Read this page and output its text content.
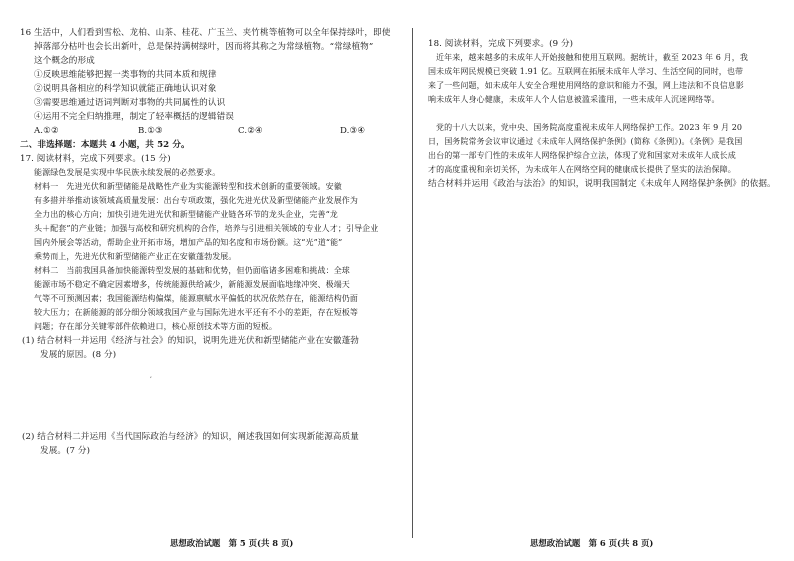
16 生活中，人们看到雪松、龙柏、山茶、桂花、广玉兰、夹竹桃等植物可以全年保持绿叶，即使
掉落部分枯叶也会长出新叶，总是保持满树绿叶，因而将其称之为常绿植物。“常绿植物”
这个概念的形成
①反映思维能够把握一类事物的共同本质和规律
②说明具备相应的科学知识就能正确地认识对象
③需要思维通过语词判断对事物的共同属性的认识
④运用不完全归纳推理，制定了轻率概括的逻辑错误
A.①②	B.①③	C.②④	D.③④
二、非选择题：本题共 4 小题，共 52 分。
17. 阅读材料，完成下列要求。(15 分)
能源绿色发展是实现中华民族永续发展的必然要求。
材料一　先进光伏和新型储能是战略性产业为实能源转型和技术创新的重要领域。安徽
有多措并举推动该领域高质量发展：出台专项政策，强化先进光伏及新型储能产业发展作为
全力出的核心方向；加快引进先进光伏和新型储能产业链各环节的龙头企业，完善“龙
头＋配套”的产业链；加强与高校和研究机构的合作，培养与引进相关领域的专业人才；引导企业
国内外展会等活动，帮助企业开拓市场，增加产品的知名度和市场份额。这“光”道“能”
乘势而上，先进光伏和新型储能产业正在安徽蓬勃发展。
材料二　当前我国具备加快能源转型发展的基础和优势，但仍面临诸多困难和挑战：全球
能源市场不稳定不确定因素增多，传统能源供给减少，新能源发展面临地缘冲突、极端天
气等不可预测因素；我国能源结构偏煤，能源禀赋水平偏低的状况依然存在，能源结构仍面
较大压力；在新能源的部分细分领域我国产业与国际先进水平还有不小的差距，存在短板等
问题；存在部分关键零部件依赖进口，核心原创技术等方面的短板。
(1) 结合材料一并运用《经济与社会》的知识，说明先进光伏和新型储能产业在安徽蓬勃
发展的原因。(8 分)
,
(2) 结合材料二并运用《当代国际政治与经济》的知识，阐述我国如何实现新能源高质量
发展。(7 分)
思想政治试题　第 5 页(共 8 页)
18. 阅读材料，完成下列要求。(9 分)
近年来，越来越多的未成年人开始接触和使用互联网。据统计，截至 2023 年 6 月，我
国未成年网民规模已突破 1.91 亿。互联网在拓展未成年人学习、生活空间的同时，也带
来了一些问题，如未成年人安全合理使用网络的意识和能力不强，网上违法和不良信息影
响未成年人身心健康，未成年人个人信息被滥采滥用，一些未成年人沉迷网络等。
党的十八大以来，党中央、国务院高度重视未成年人网络保护工作。2023 年 9 月 20
日，国务院常务会议审议通过《未成年人网络保护条例》(简称《条例》)。《条例》是我国
出台的第一部专门性的未成年人网络保护综合立法，体现了党和国家对未成年人成长成
才的高度重视和亲切关怀，为未成年人在网络空间的健康成长提供了坚实的法治保障。
结合材料并运用《政治与法治》的知识，说明我国制定《未成年人网络保护条例》的依据。
思想政治试题　第 6 页(共 8 页)
